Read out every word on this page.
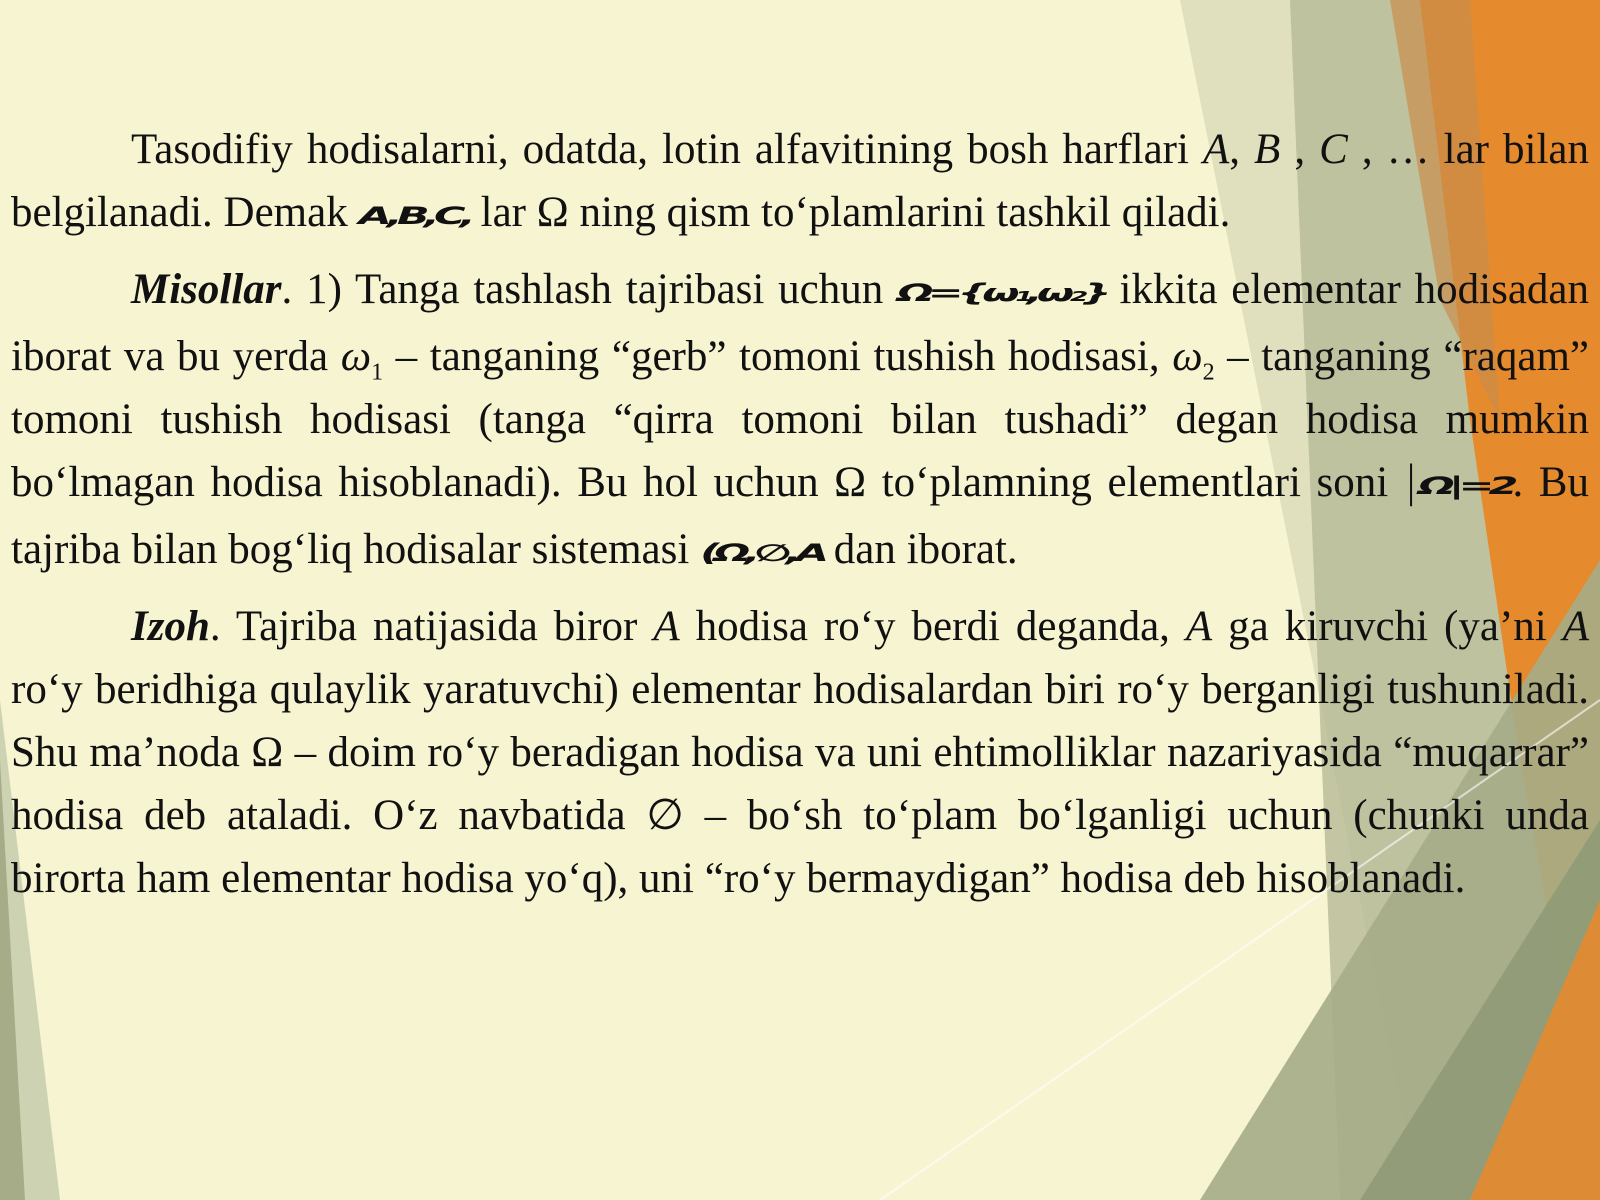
Tasodifiy hodisalarni, odatda, lotin alfavitining bosh harflari A, B , C , … lar bilan belgilanadi. Demak A,B,C, lar Ω ning qism to‘plamlarini tashkil qiladi.

Misollar. 1) Tanga tashlash tajribasi uchun Ω={ω₁,ω₂} ikkita elementar hodisadan iborat va bu yerda $\omega_1$ – tanganing “gerb” tomoni tushish hodisasi, $\omega_2$ – tanganing “raqam” tomoni tushish hodisasi (tanga “qirra tomoni bilan tushadi” degan hodisa mumkin bo‘lmagan hodisa hisoblanadi). Bu hol uchun Ω to‘plamning elementlari soni |Ω|=2. Bu tajriba bilan bog‘liq hodisalar sistemasi (Ω,∅,A dan iborat.

Izoh. Tajriba natijasida biror A hodisa ro‘y berdi deganda, A ga kiruvchi (ya’ni A ro‘y beridhiga qulaylik yaratuvchi) elementar hodisalardan biri ro‘y berganligi tushuniladi. Shu ma’noda Ω – doim ro‘y beradigan hodisa va uni ehtimolliklar nazariyasida “muqarrar” hodisa deb ataladi. O‘z navbatida ∅ – bo‘sh to‘plam bo‘lganligi uchun (chunki unda birorta ham elementar hodisa yo‘q), uni “ro‘y bermaydigan” hodisa deb hisoblanadi.
